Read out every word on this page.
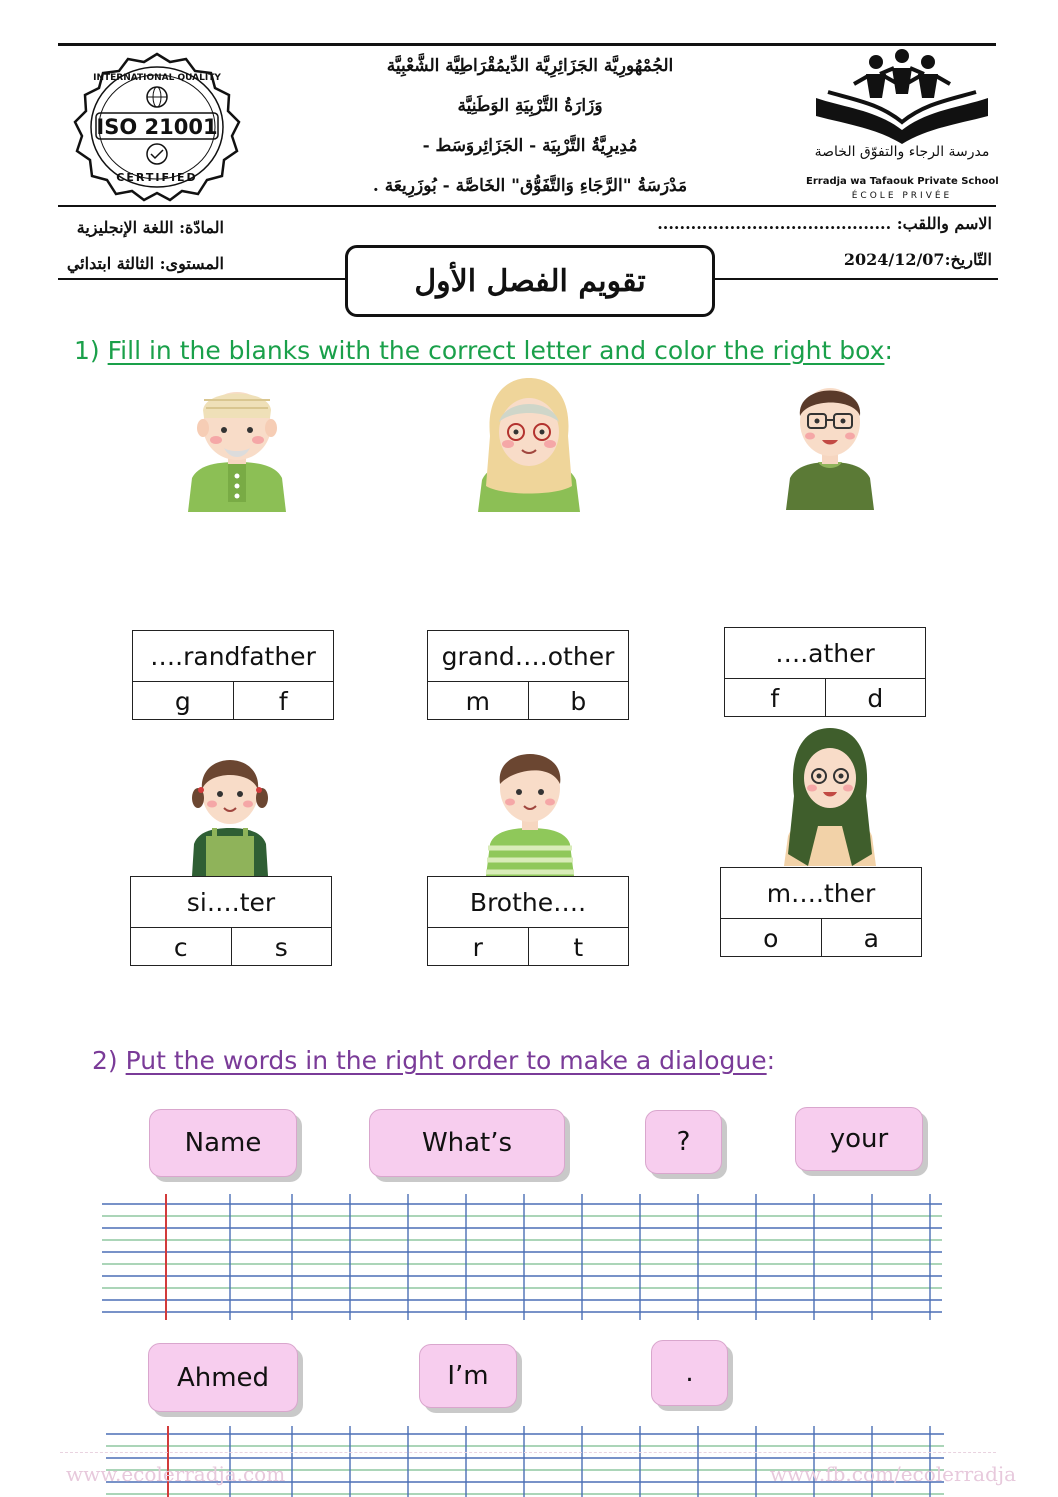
INTERNATIONAL QUALITY
ISO 21001
CERTIFIED
الجُمْهُورِيَّة الجَزَائِرِيَّة الدِّيمُقْرَاطِيَّة الشَّعْبِيَّة
وَزَارَةُ التَّرْبِيَةِ الوَطَنِيَّة
مُدِيرِيَّةُ التَّرْبِيَة - الجَزَائِروَسَط -
مَدْرَسَةُ "الرَّجَاءِ وَالتَّفَوُّق" الخَاصَّة - بُوزَرِيعَة .
مدرسة الرجاء والتفوّق الخاصة
Erradja wa Tafaouk Private School
ÉCOLE PRIVÉE
المادّة: اللغة الإنجليزية
المستوى: الثالثة ابتدائي
الاسم واللقب: ..........................................
التّاريخ:2024/12/07
تقويم الفصل الأول
1) Fill in the blanks with the correct letter and color the right box:
….randfather
g	f
grand….other
m	b
….ather
f	d
si….ter
c	s
Brothe….
r	t
m….ther
o	a
2) Put the words in the right order to make a dialogue:
Name	What’s	?	your
Ahmed	I’m	.
www.ecolerradja.com	www.fb.com/ecolerradja
